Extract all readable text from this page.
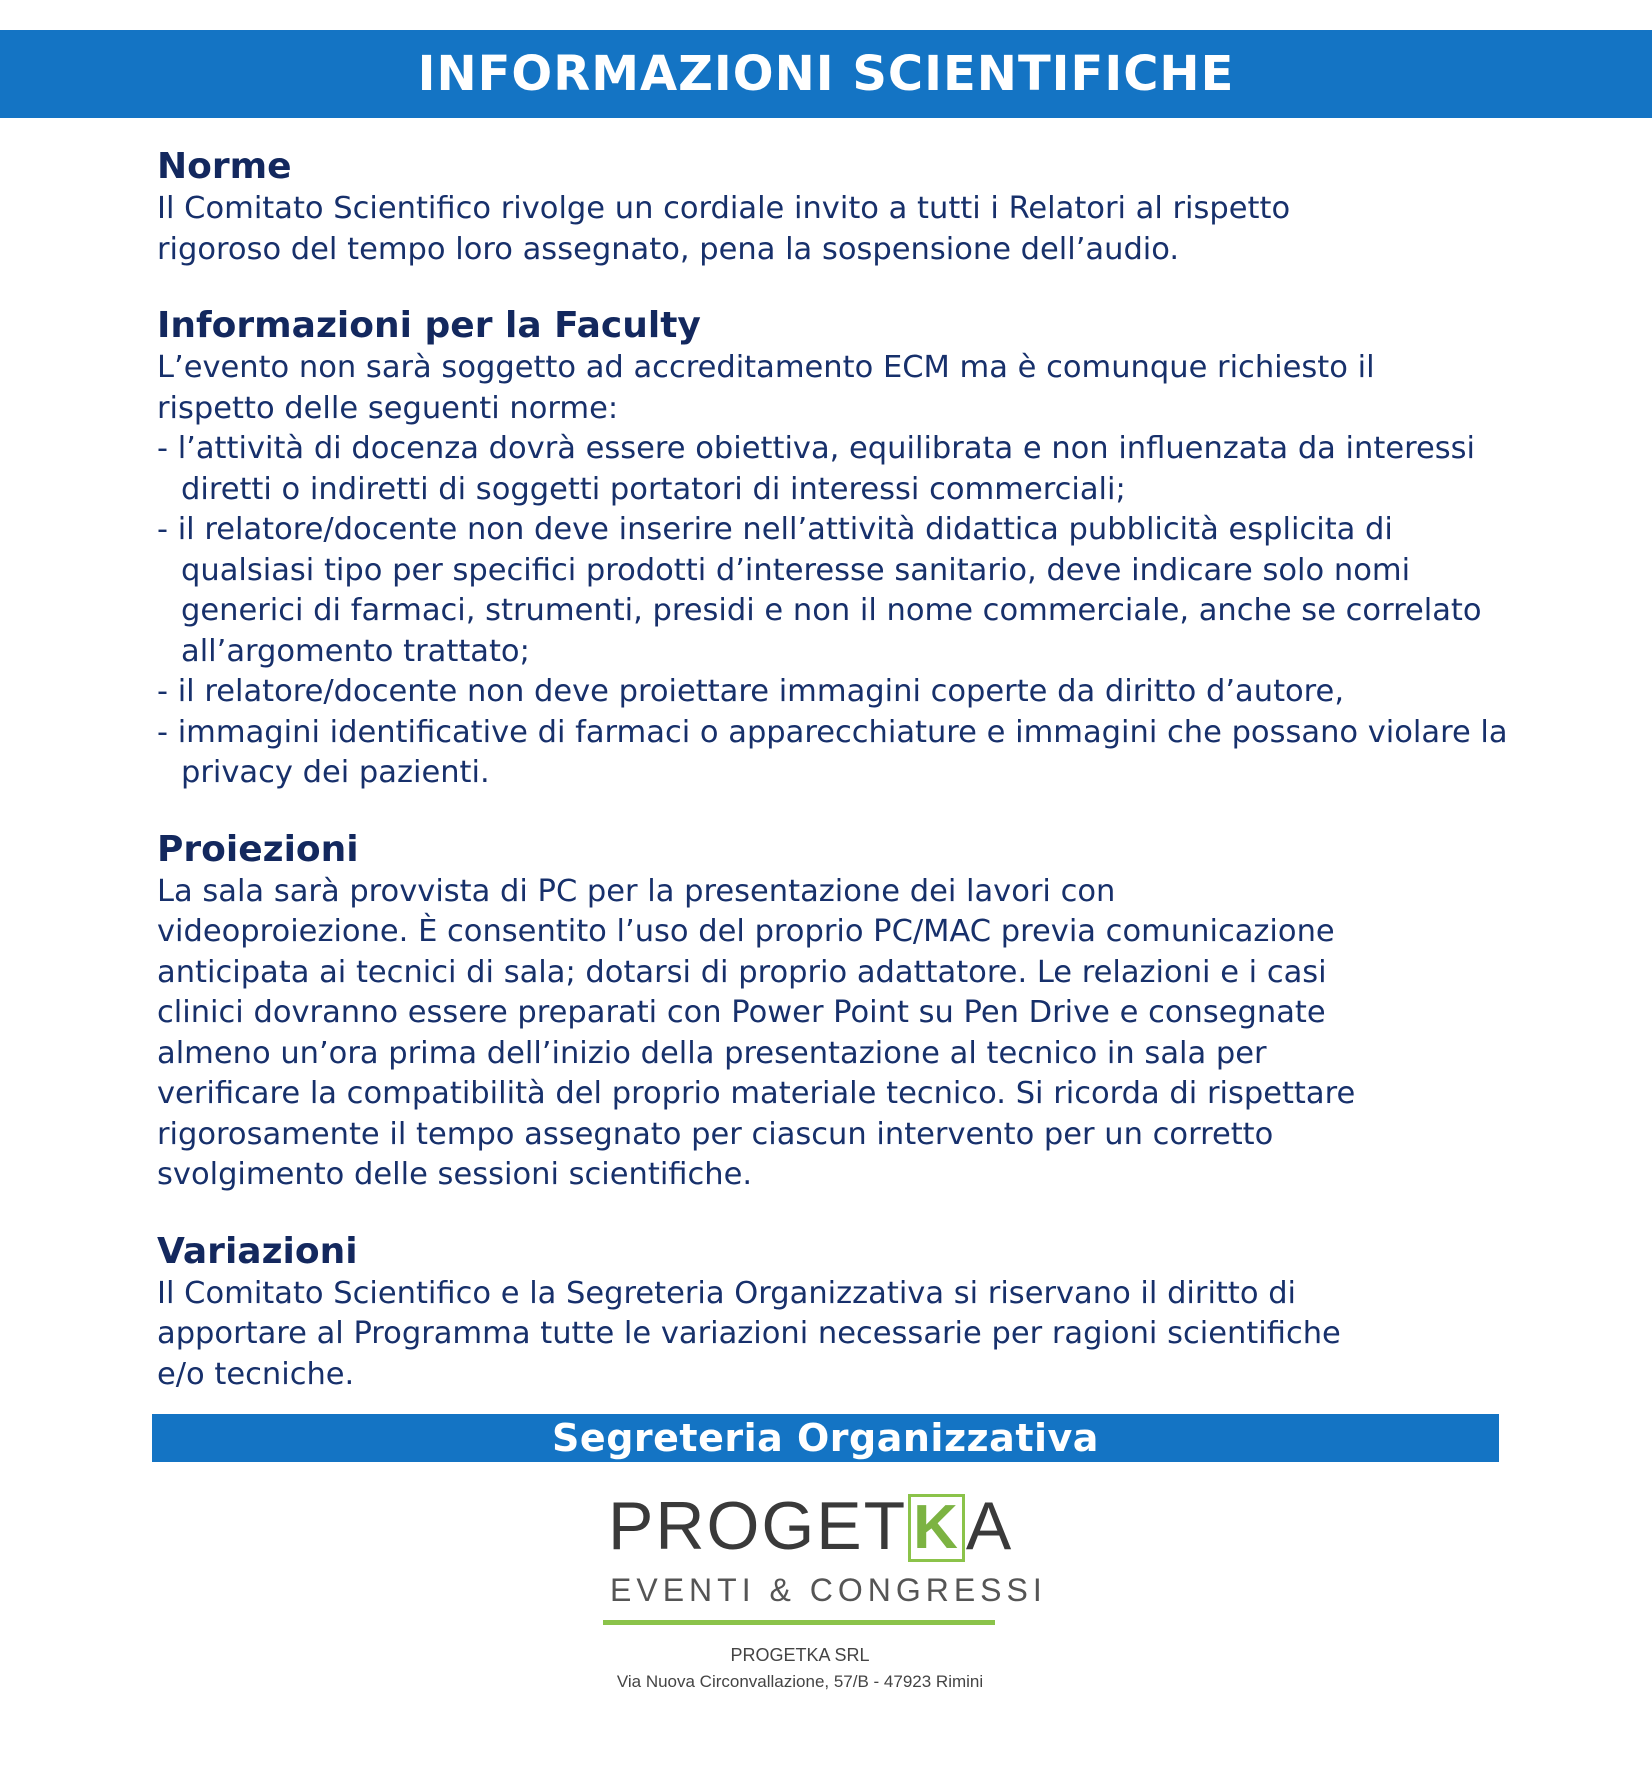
INFORMAZIONI SCIENTIFICHE
Norme

Il Comitato Scientifico rivolge un cordiale invito a tutti i Relatori al rispetto
rigoroso del tempo loro assegnato, pena la sospensione dell’audio.

Informazioni per la Faculty

L’evento non sarà soggetto ad accreditamento ECM ma è comunque richiesto il
rispetto delle seguenti norme:

- l’attività di docenza dovrà essere obiettiva, equilibrata e non influenzata da interessi diretti o indiretti di soggetti portatori di interessi commerciali;

- il relatore/docente non deve inserire nell’attività didattica pubblicità esplicita di qualsiasi tipo per specifici prodotti d’interesse sanitario, deve indicare solo nomi generici di farmaci, strumenti, presidi e non il nome commerciale, anche se correlato all’argomento trattato;

- il relatore/docente non deve proiettare immagini coperte da diritto d’autore,

- immagini identificative di farmaci o apparecchiature e immagini che possano violare la privacy dei pazienti.

Proiezioni

La sala sarà provvista di PC per la presentazione dei lavori con
videoproiezione. È consentito l’uso del proprio PC/MAC previa comunicazione
anticipata ai tecnici di sala; dotarsi di proprio adattatore. Le relazioni e i casi
clinici dovranno essere preparati con Power Point su Pen Drive e consegnate
almeno un’ora prima dell’inizio della presentazione al tecnico in sala per
verificare la compatibilità del proprio materiale tecnico. Si ricorda di rispettare
rigorosamente il tempo assegnato per ciascun intervento per un corretto
svolgimento delle sessioni scientifiche.

Variazioni

Il Comitato Scientifico e la Segreteria Organizzativa si riservano il diritto di
apportare al Programma tutte le variazioni necessarie per ragioni scientifiche
e/o tecniche.

Segreteria Organizzativa
PROGET K A
EVENTI & CONGRESSI
PROGETKA SRL
Via Nuova Circonvallazione, 57/B - 47923 Rimini
